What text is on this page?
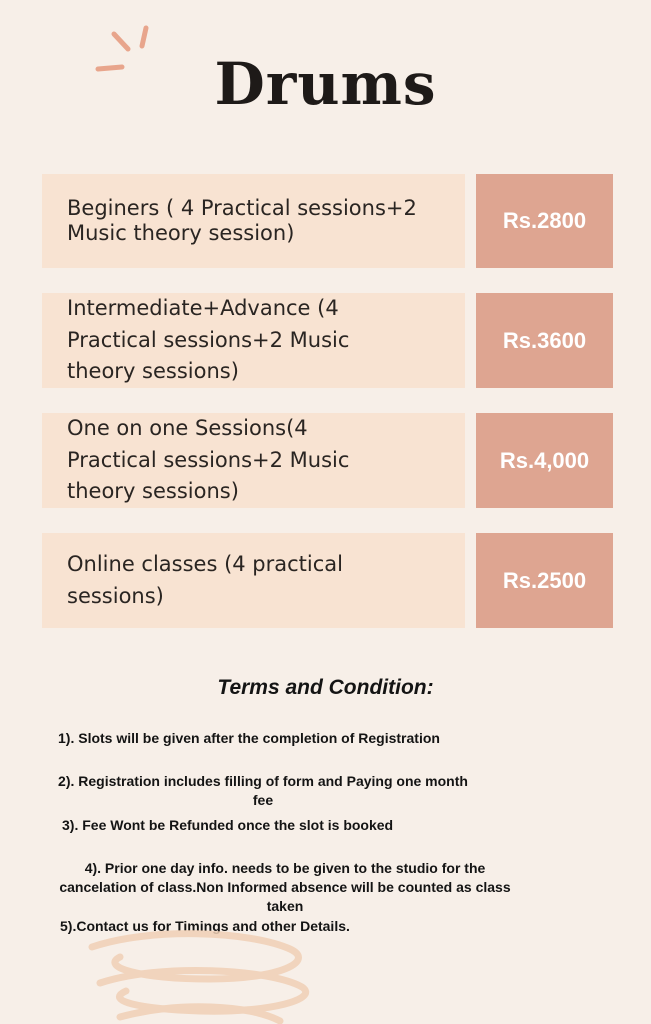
Drums
Beginers ( 4 Practical sessions+2 Music theory session)	Rs.2800
Intermediate+Advance (4 Practical sessions+2 Music theory sessions)
Rs.3600
One on one Sessions(4 Practical sessions+2 Music theory sessions)
Rs.4,000
Online classes (4 practical sessions)
Rs.2500
Terms and Condition:
1). Slots will be given after the completion of Registration
2). Registration includes filling of form and Paying one month fee
3). Fee Wont be Refunded once the slot is booked
4). Prior one day info. needs to be given to the studio for the cancelation of class.Non Informed absence will be counted as class taken
5).Contact us for Timings and other Details.
